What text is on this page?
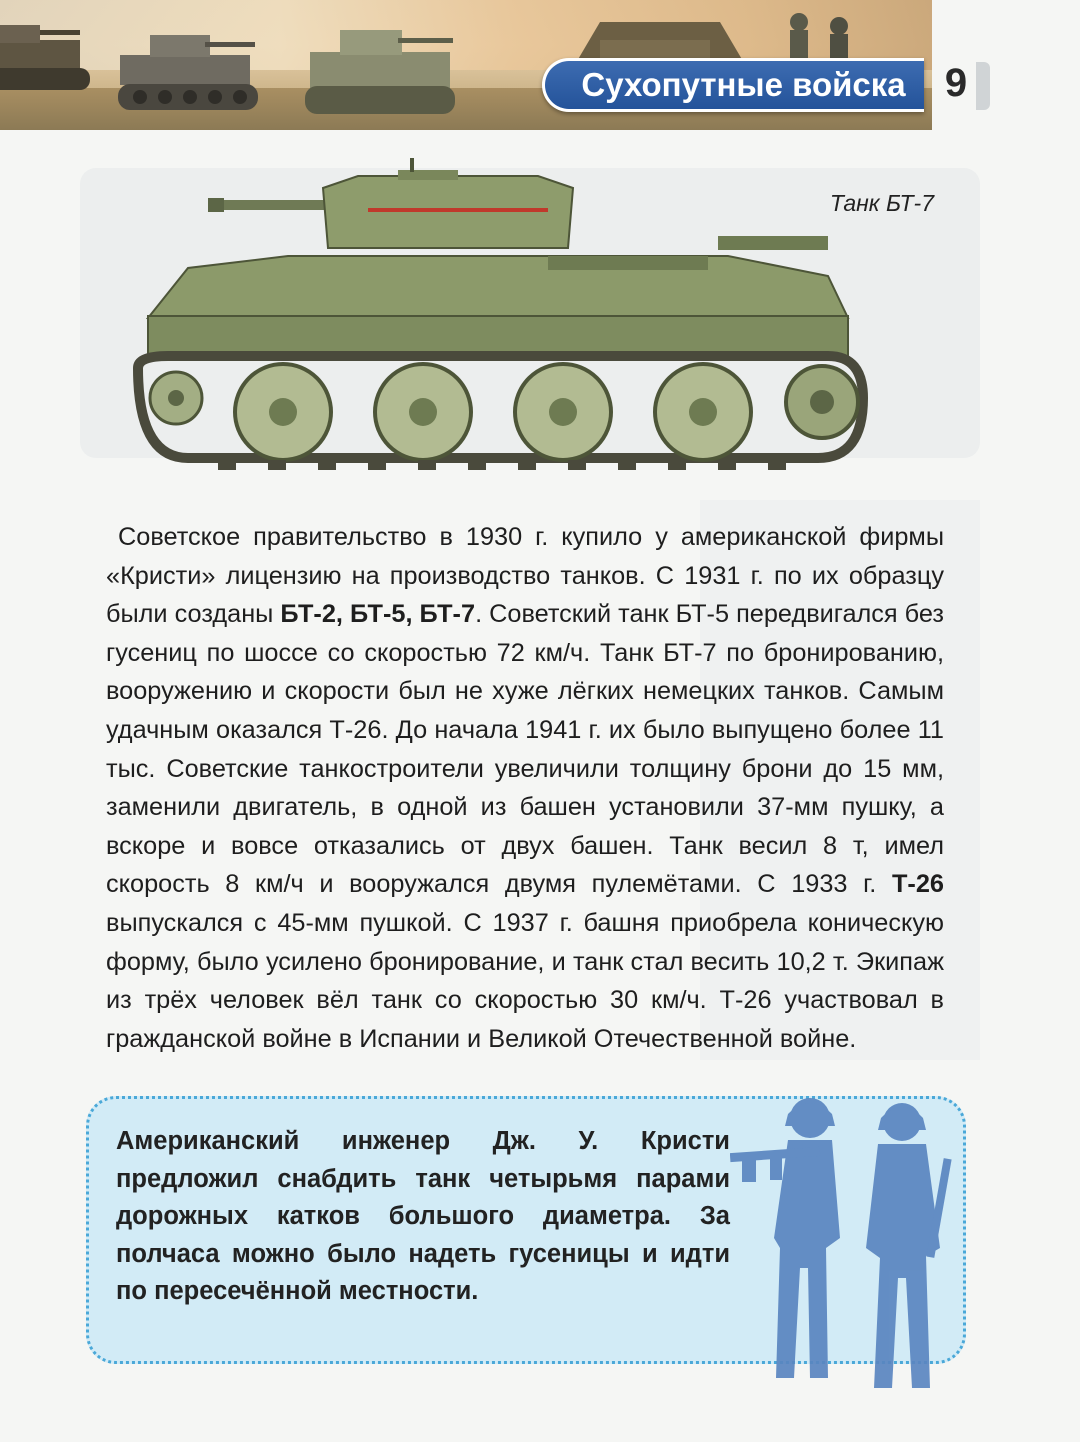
Сухопутные войска 9
Танк БТ-7

Советское правительство в 1930 г. купило у американской фирмы «Кристи» лицензию на производство танков. С 1931 г. по их образцу были созданы БТ-2, БТ-5, БТ-7. Советский танк БТ-5 передвигался без гусениц по шоссе со скоростью 72 км/ч. Танк БТ-7 по бронированию, вооружению и скорости был не хуже лёгких немецких танков. Самым удачным оказался Т-26. До начала 1941 г. их было выпущено более 11 тыс. Советские танкостроители увеличили толщину брони до 15 мм, заменили двигатель, в одной из башен установили 37-мм пушку, а вскоре и вовсе отказались от двух башен. Танк весил 8 т, имел скорость 8 км/ч и вооружался двумя пулемётами. С 1933 г. Т-26 выпускался с 45-мм пушкой. С 1937 г. башня приобрела коническую форму, было усилено бронирование, и танк стал весить 10,2 т. Экипаж из трёх человек вёл танк со скоростью 30 км/ч. Т-26 участвовал в гражданской войне в Испании и Великой Отечественной войне.

Американский инженер Дж. У. Кристи предложил снабдить танк четырьмя парами дорожных катков большого диаметра. За полчаса можно было надеть гусеницы и идти по пересечённой местности.
